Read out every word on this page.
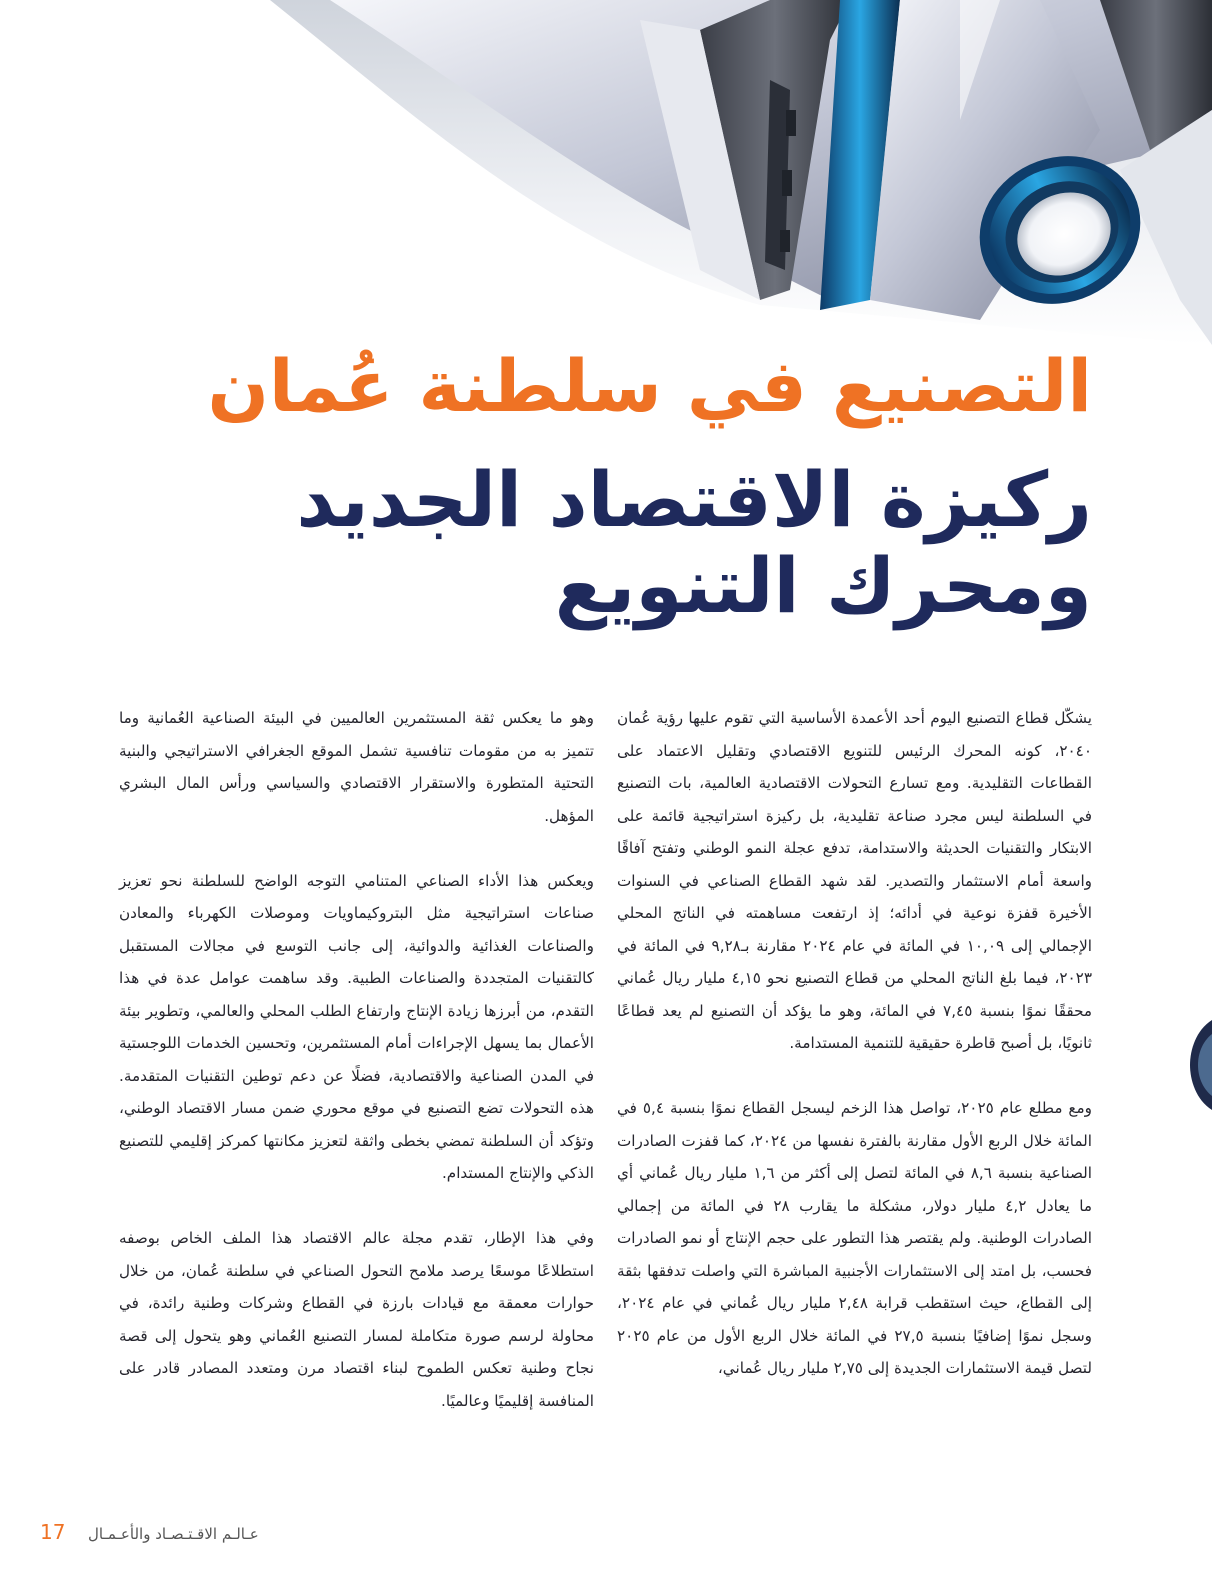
التصنيع في سلطنة عُمان
ركيزة الاقتصاد الجديد
ومحرك التنويع

يشكّل قطاع التصنيع اليوم أحد الأعمدة الأساسية التي تقوم عليها رؤية عُمان ٢٠٤٠، كونه المحرك الرئيس للتنويع الاقتصادي وتقليل الاعتماد على القطاعات التقليدية. ومع تسارع التحولات الاقتصادية العالمية، بات التصنيع في السلطنة ليس مجرد صناعة تقليدية، بل ركيزة استراتيجية قائمة على الابتكار والتقنيات الحديثة والاستدامة، تدفع عجلة النمو الوطني وتفتح آفاقًا واسعة أمام الاستثمار والتصدير. لقد شهد القطاع الصناعي في السنوات الأخيرة قفزة نوعية في أدائه؛ إذ ارتفعت مساهمته في الناتج المحلي الإجمالي إلى ١٠,٠٩ في المائة في عام ٢٠٢٤ مقارنة بـ٩,٢٨ في المائة في ٢٠٢٣، فيما بلغ الناتج المحلي من قطاع التصنيع نحو ٤,١٥ مليار ريال عُماني محققًا نموًا بنسبة ٧,٤٥ في المائة، وهو ما يؤكد أن التصنيع لم يعد قطاعًا ثانويًا، بل أصبح قاطرة حقيقية للتنمية المستدامة.

ومع مطلع عام ٢٠٢٥، تواصل هذا الزخم ليسجل القطاع نموًا بنسبة ٥,٤ في المائة خلال الربع الأول مقارنة بالفترة نفسها من ٢٠٢٤، كما قفزت الصادرات الصناعية بنسبة ٨,٦ في المائة لتصل إلى أكثر من ١,٦ مليار ريال عُماني أي ما يعادل ٤,٢ مليار دولار، مشكلة ما يقارب ٢٨ في المائة من إجمالي الصادرات الوطنية. ولم يقتصر هذا التطور على حجم الإنتاج أو نمو الصادرات فحسب، بل امتد إلى الاستثمارات الأجنبية المباشرة التي واصلت تدفقها بثقة إلى القطاع، حيث استقطب قرابة ٢,٤٨ مليار ريال عُماني في عام ٢٠٢٤، وسجل نموًا إضافيًا بنسبة ٢٧,٥ في المائة خلال الربع الأول من عام ٢٠٢٥ لتصل قيمة الاستثمارات الجديدة إلى ٢,٧٥ مليار ريال عُماني،

وهو ما يعكس ثقة المستثمرين العالميين في البيئة الصناعية العُمانية وما تتميز به من مقومات تنافسية تشمل الموقع الجغرافي الاستراتيجي والبنية التحتية المتطورة والاستقرار الاقتصادي والسياسي ورأس المال البشري المؤهل.

ويعكس هذا الأداء الصناعي المتنامي التوجه الواضح للسلطنة نحو تعزيز صناعات استراتيجية مثل البتروكيماويات وموصلات الكهرباء والمعادن والصناعات الغذائية والدوائية، إلى جانب التوسع في مجالات المستقبل كالتقنيات المتجددة والصناعات الطبية. وقد ساهمت عوامل عدة في هذا التقدم، من أبرزها زيادة الإنتاج وارتفاع الطلب المحلي والعالمي، وتطوير بيئة الأعمال بما يسهل الإجراءات أمام المستثمرين، وتحسين الخدمات اللوجستية في المدن الصناعية والاقتصادية، فضلًا عن دعم توطين التقنيات المتقدمة. هذه التحولات تضع التصنيع في موقع محوري ضمن مسار الاقتصاد الوطني، وتؤكد أن السلطنة تمضي بخطى واثقة لتعزيز مكانتها كمركز إقليمي للتصنيع الذكي والإنتاج المستدام.

وفي هذا الإطار، تقدم مجلة عالم الاقتصاد هذا الملف الخاص بوصفه استطلاعًا موسعًا يرصد ملامح التحول الصناعي في سلطنة عُمان، من خلال حوارات معمقة مع قيادات بارزة في القطاع وشركات وطنية رائدة، في محاولة لرسم صورة متكاملة لمسار التصنيع العُماني وهو يتحول إلى قصة نجاح وطنية تعكس الطموح لبناء اقتصاد مرن ومتعدد المصادر قادر على المنافسة إقليميًا وعالميًا.

17 عـالـم الاقـتـصـاد والأعـمـال
